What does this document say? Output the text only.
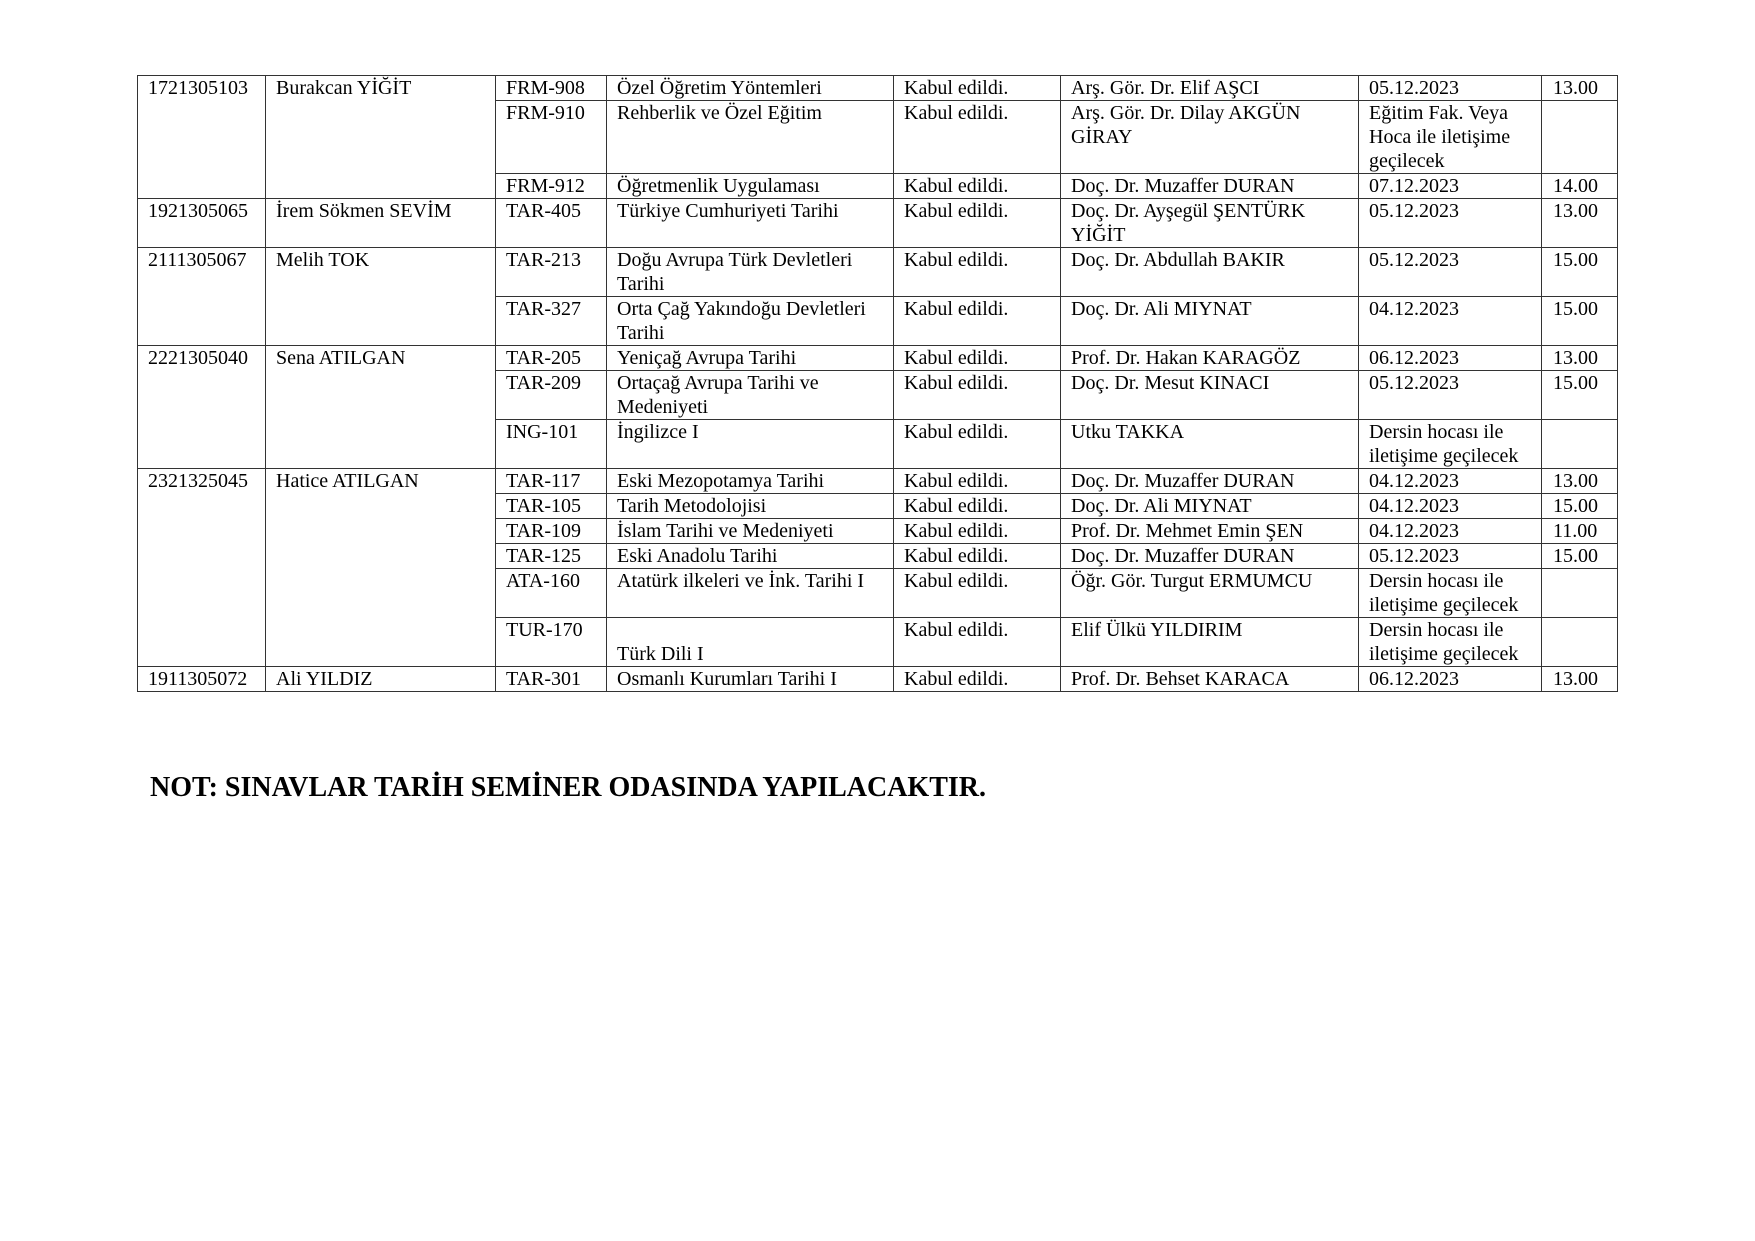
1721305103	Burakcan YİĞİT	FRM-908	Özel Öğretim Yöntemleri	Kabul edildi.	Arş. Gör. Dr. Elif AŞCI	05.12.2023	13.00
		FRM-910	Rehberlik ve Özel Eğitim	Kabul edildi.	Arş. Gör. Dr. Dilay AKGÜN GİRAY	Eğitim Fak. Veya Hoca ile iletişime geçilecek	
		FRM-912	Öğretmenlik Uygulaması	Kabul edildi.	Doç. Dr. Muzaffer DURAN	07.12.2023	14.00
1921305065	İrem Sökmen SEVİM	TAR-405	Türkiye Cumhuriyeti Tarihi	Kabul edildi.	Doç. Dr. Ayşegül ŞENTÜRK YİĞİT	05.12.2023	13.00
2111305067	Melih TOK	TAR-213	Doğu Avrupa Türk Devletleri Tarihi	Kabul edildi.	Doç. Dr. Abdullah BAKIR	05.12.2023	15.00
		TAR-327	Orta Çağ Yakındoğu Devletleri Tarihi	Kabul edildi.	Doç. Dr. Ali MIYNAT	04.12.2023	15.00
2221305040	Sena ATILGAN	TAR-205	Yeniçağ Avrupa Tarihi	Kabul edildi.	Prof. Dr. Hakan KARAGÖZ	06.12.2023	13.00
		TAR-209	Ortaçağ Avrupa Tarihi ve Medeniyeti	Kabul edildi.	Doç. Dr. Mesut KINACI	05.12.2023	15.00
		ING-101	İngilizce I	Kabul edildi.	Utku TAKKA	Dersin hocası ile iletişime geçilecek	
2321325045	Hatice ATILGAN	TAR-117	Eski Mezopotamya Tarihi	Kabul edildi.	Doç. Dr. Muzaffer DURAN	04.12.2023	13.00
		TAR-105	Tarih Metodolojisi	Kabul edildi.	Doç. Dr. Ali MIYNAT	04.12.2023	15.00
		TAR-109	İslam Tarihi ve Medeniyeti	Kabul edildi.	Prof. Dr. Mehmet Emin ŞEN	04.12.2023	11.00
		TAR-125	Eski Anadolu Tarihi	Kabul edildi.	Doç. Dr. Muzaffer DURAN	05.12.2023	15.00
		ATA-160	Atatürk ilkeleri ve İnk. Tarihi I	Kabul edildi.	Öğr. Gör. Turgut ERMUMCU	Dersin hocası ile iletişime geçilecek	
		TUR-170	Türk Dili I	Kabul edildi.	Elif Ülkü YILDIRIM	Dersin hocası ile iletişime geçilecek	
1911305072	Ali YILDIZ	TAR-301	Osmanlı Kurumları Tarihi I	Kabul edildi.	Prof. Dr. Behset KARACA	06.12.2023	13.00
NOT: SINAVLAR TARİH SEMİNER ODASINDA YAPILACAKTIR.
